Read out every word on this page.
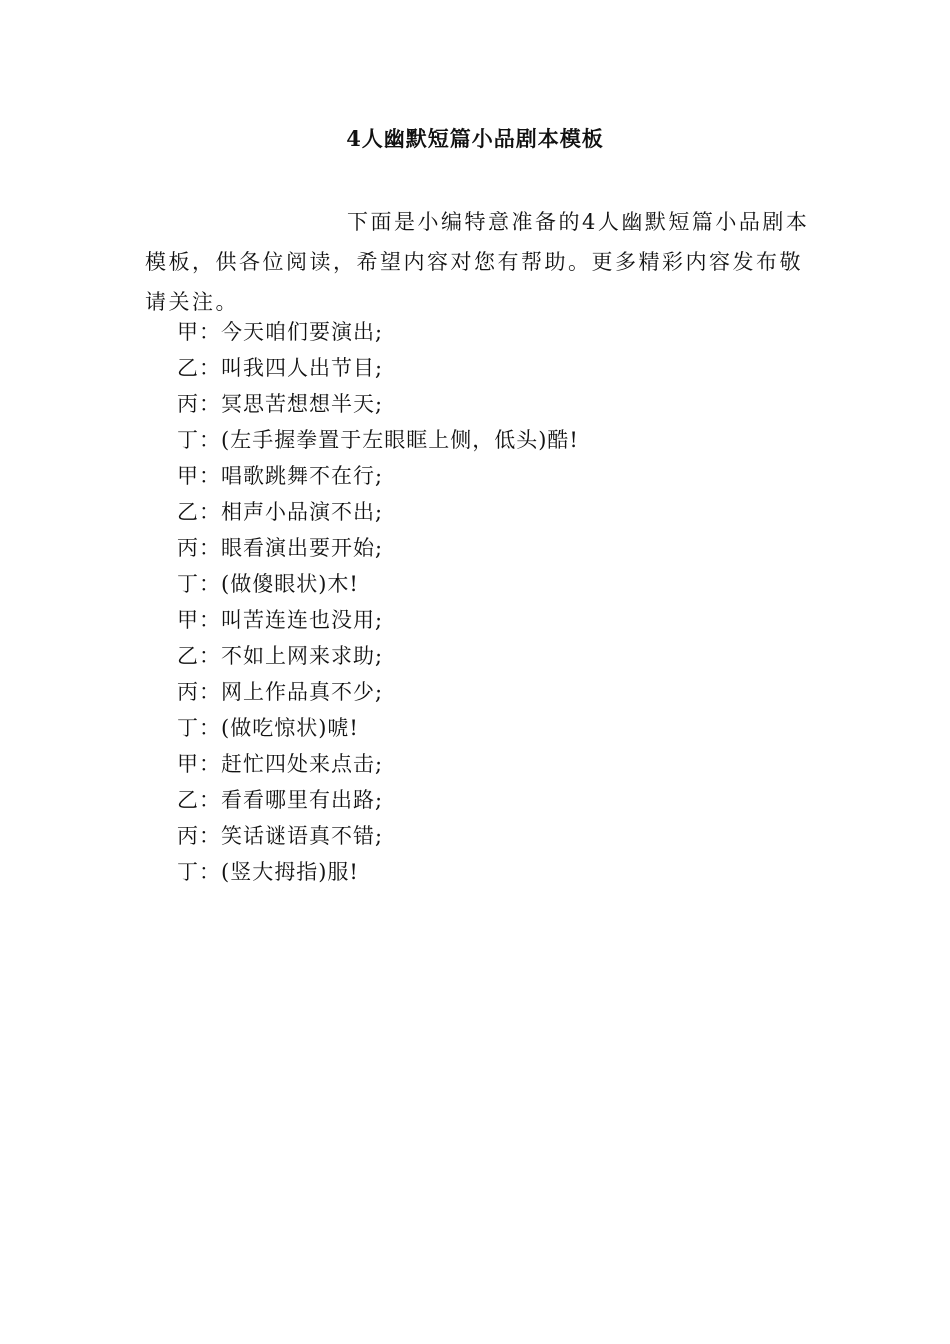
4人幽默短篇小品剧本模板

下面是小编特意准备的4人幽默短篇小品剧本模板，供各位阅读，希望内容对您有帮助。更多精彩内容发布敬请关注。

甲：今天咱们要演出;
乙：叫我四人出节目;
丙：冥思苦想想半天;
丁：(左手握拳置于左眼眶上侧，低头)酷!
甲：唱歌跳舞不在行;
乙：相声小品演不出;
丙：眼看演出要开始;
丁：(做傻眼状)木!
甲：叫苦连连也没用;
乙：不如上网来求助;
丙：网上作品真不少;
丁：(做吃惊状)唬!
甲：赶忙四处来点击;
乙：看看哪里有出路;
丙：笑话谜语真不错;
丁：(竖大拇指)服!
